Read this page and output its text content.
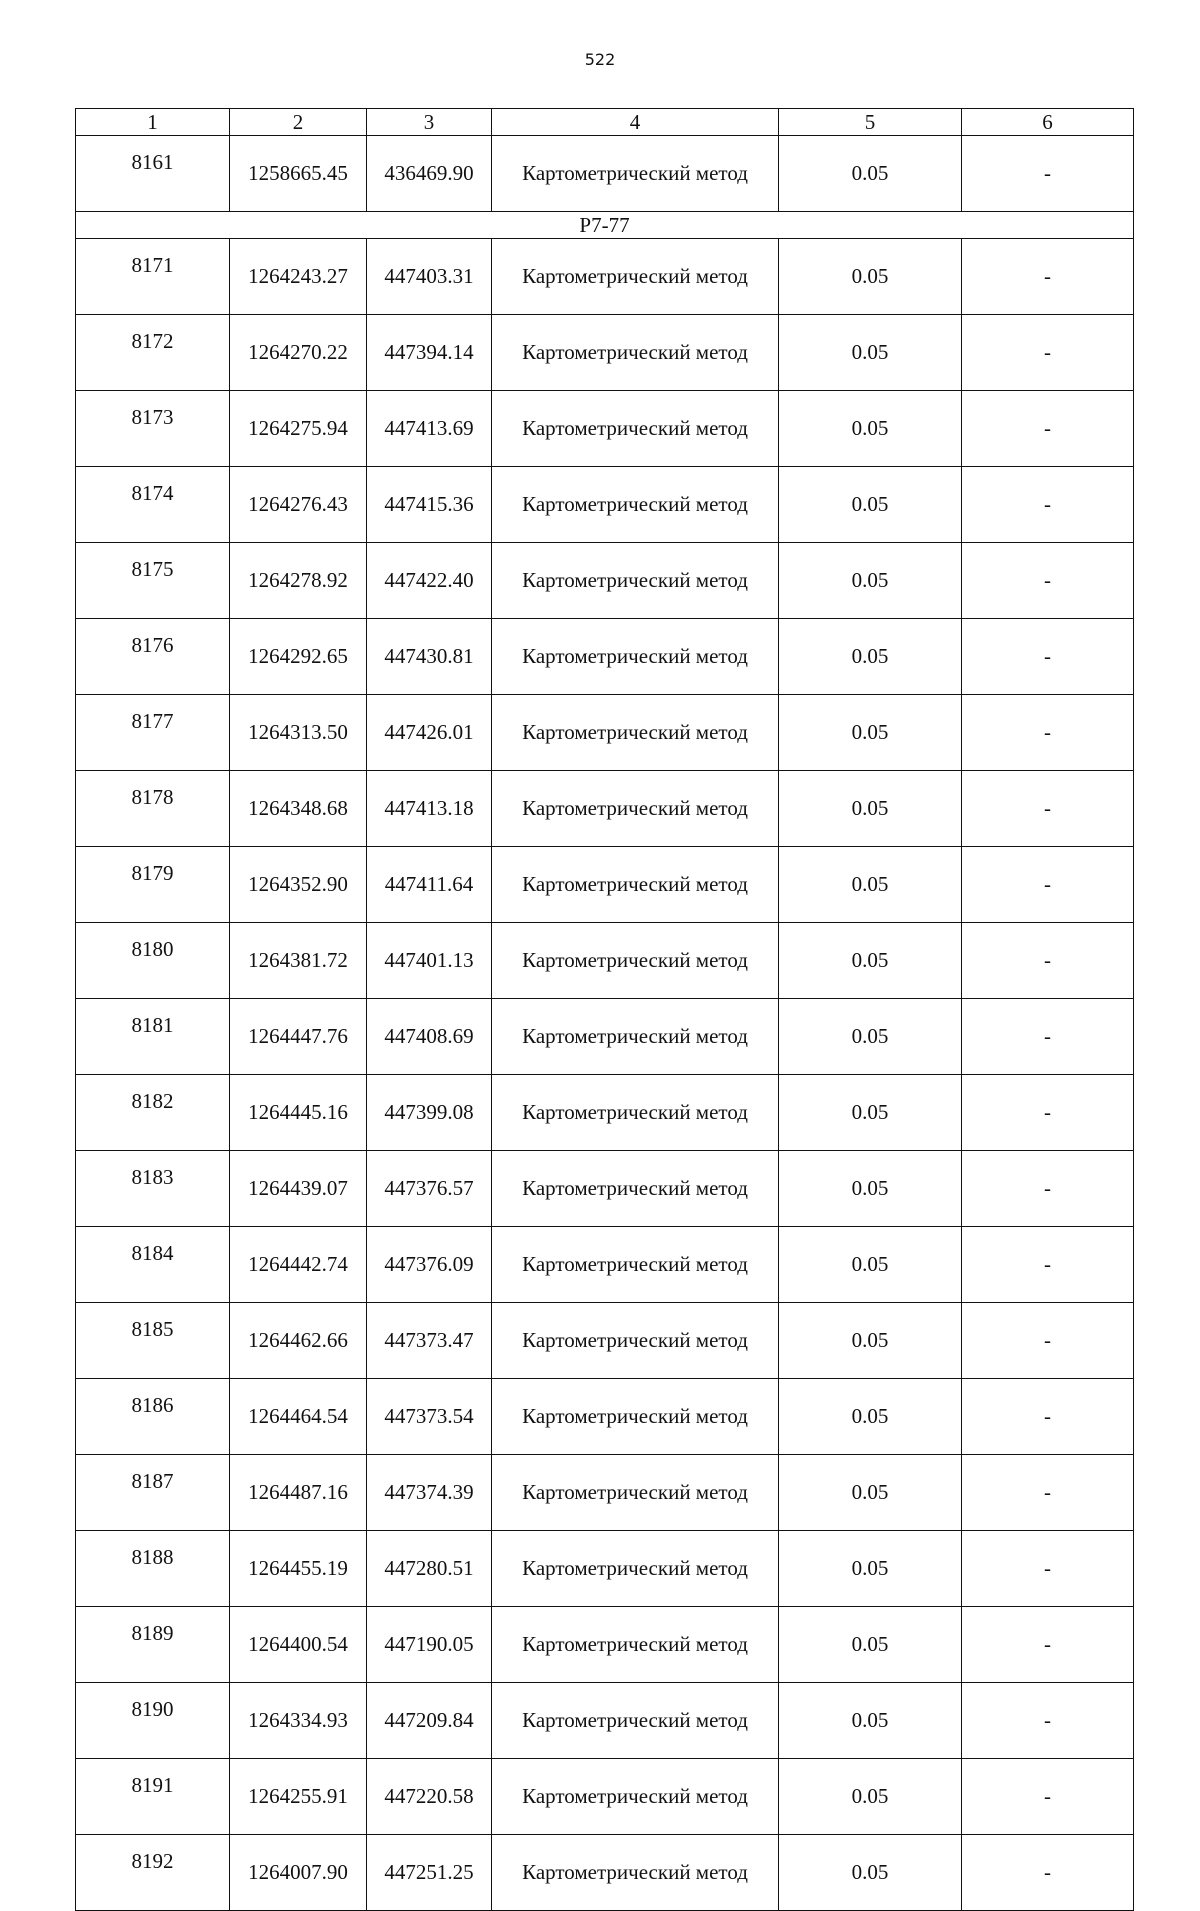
522
1	2	3	4	5	6
8161	1258665.45	436469.90	Картометрический метод	0.05	-
Р7-77					
8171	1264243.27	447403.31	Картометрический метод	0.05	-
8172	1264270.22	447394.14	Картометрический метод	0.05	-
8173	1264275.94	447413.69	Картометрический метод	0.05	-
8174	1264276.43	447415.36	Картометрический метод	0.05	-
8175	1264278.92	447422.40	Картометрический метод	0.05	-
8176	1264292.65	447430.81	Картометрический метод	0.05	-
8177	1264313.50	447426.01	Картометрический метод	0.05	-
8178	1264348.68	447413.18	Картометрический метод	0.05	-
8179	1264352.90	447411.64	Картометрический метод	0.05	-
8180	1264381.72	447401.13	Картометрический метод	0.05	-
8181	1264447.76	447408.69	Картометрический метод	0.05	-
8182	1264445.16	447399.08	Картометрический метод	0.05	-
8183	1264439.07	447376.57	Картометрический метод	0.05	-
8184	1264442.74	447376.09	Картометрический метод	0.05	-
8185	1264462.66	447373.47	Картометрический метод	0.05	-
8186	1264464.54	447373.54	Картометрический метод	0.05	-
8187	1264487.16	447374.39	Картометрический метод	0.05	-
8188	1264455.19	447280.51	Картометрический метод	0.05	-
8189	1264400.54	447190.05	Картометрический метод	0.05	-
8190	1264334.93	447209.84	Картометрический метод	0.05	-
8191	1264255.91	447220.58	Картометрический метод	0.05	-
8192	1264007.90	447251.25	Картометрический метод	0.05	-
